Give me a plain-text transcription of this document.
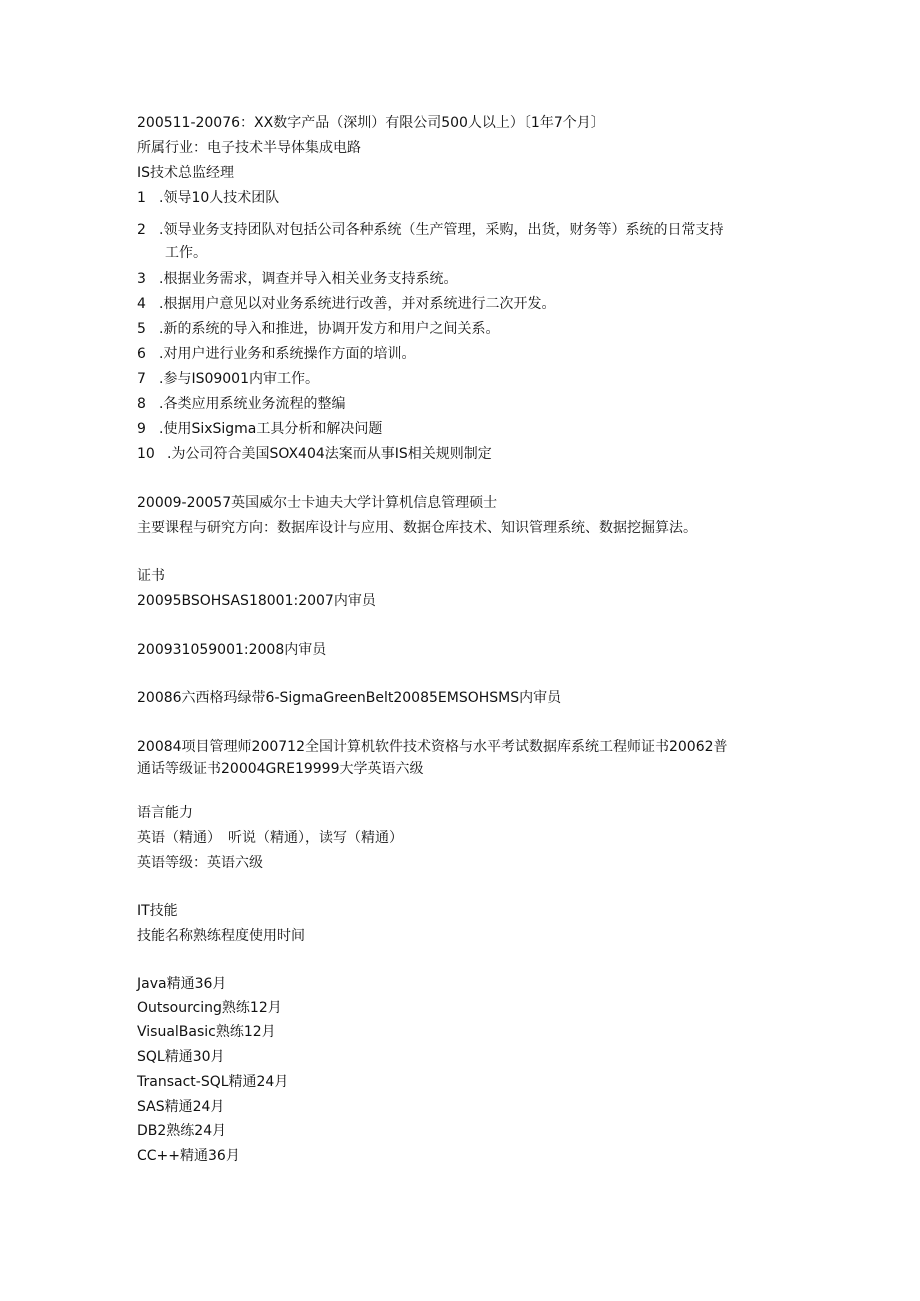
200511-20076：XX数字产品（深圳）有限公司500人以上）〔1年7个月〕
所属行业：电子技术半导体集成电路
IS技术总监经理
1 .领导10人技术团队
2 .领导业务支持团队对包括公司各种系统（生产管理，采购，出货，财务等）系统的日常支持
工作。
3 .根据业务需求，调查并导入相关业务支持系统。
4 .根据用户意见以对业务系统进行改善，并对系统进行二次开发。
5 .新的系统的导入和推进，协调开发方和用户之间关系。
6 .对用户进行业务和系统操作方面的培训。
7 .参与IS09001内审工作。
8 .各类应用系统业务流程的整编
9 .使用SixSigma工具分析和解决问题
10 .为公司符合美国SOX404法案而从事IS相关规则制定
20009-20057英国威尔士卡迪夫大学计算机信息管理硕士
主要课程与研究方向：数据库设计与应用、数据仓库技术、知识管理系统、数据挖掘算法。
证书
20095BSOHSAS18001:2007内审员
200931059001:2008内审员
20086六西格玛绿带6-SigmaGreenBelt20085EMSOHSMS内审员
20084项目管理师200712全国计算机软件技术资格与水平考试数据库系统工程师证书20062普
通话等级证书20004GRE19999大学英语六级
语言能力
英语（精通）　听说（精通），读写（精通）
英语等级：英语六级
IT技能
技能名称熟练程度使用时间
Java精通36月
Outsourcing熟练12月
VisualBasic熟练12月
SQL精通30月
Transact-SQL精通24月
SAS精通24月
DB2熟练24月
CC++精通36月
